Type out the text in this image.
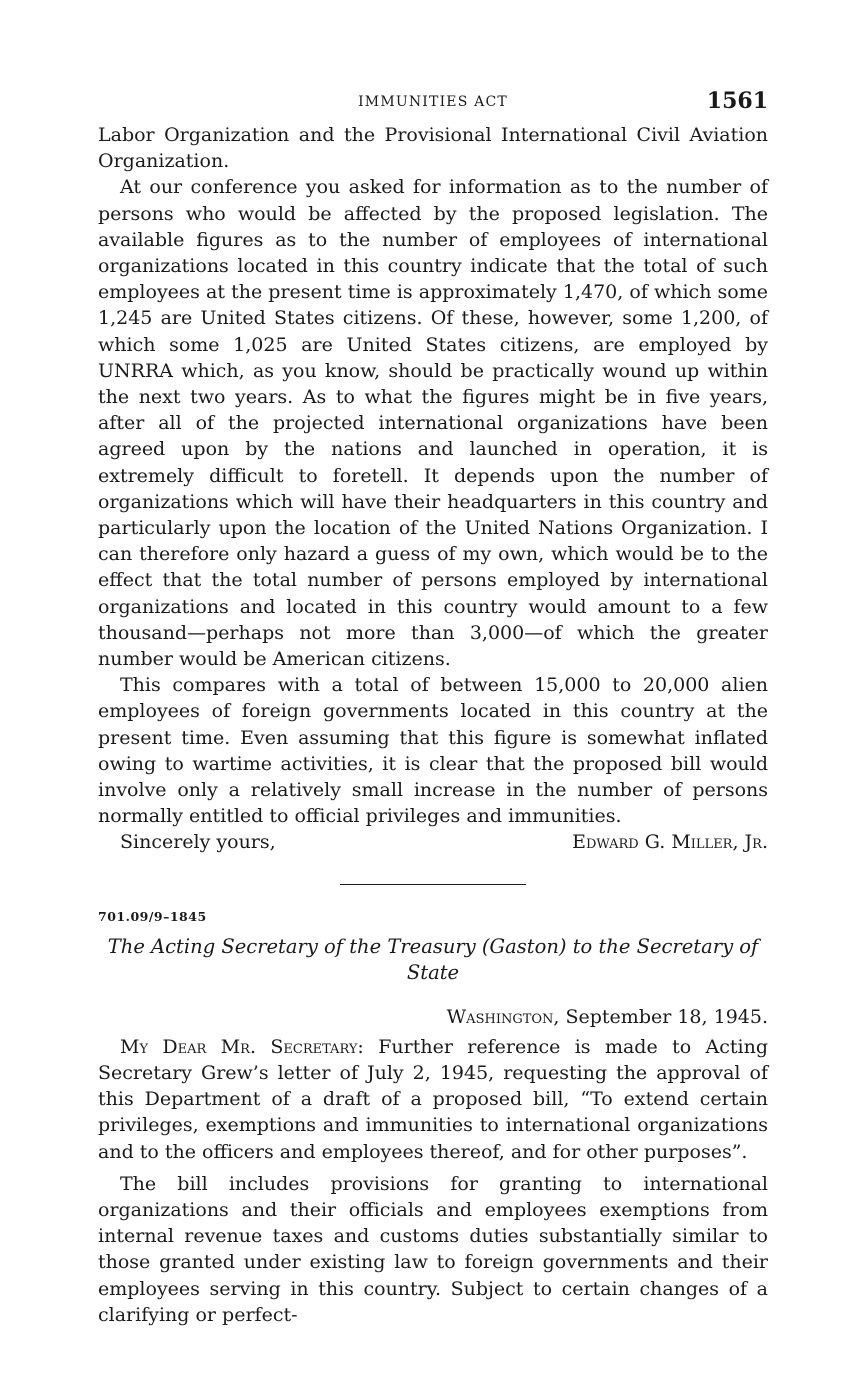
IMMUNITIES ACT	1561

Labor Organization and the Provisional International Civil Aviation Organization.

At our conference you asked for information as to the number of persons who would be affected by the proposed legislation. The available figures as to the number of employees of international organizations located in this country indicate that the total of such employees at the present time is approximately 1,470, of which some 1,245 are United States citizens. Of these, however, some 1,200, of which some 1,025 are United States citizens, are employed by UNRRA which, as you know, should be practically wound up within the next two years. As to what the figures might be in five years, after all of the projected international organizations have been agreed upon by the nations and launched in operation, it is extremely difficult to foretell. It depends upon the number of organizations which will have their headquarters in this country and particularly upon the location of the United Nations Organization. I can therefore only hazard a guess of my own, which would be to the effect that the total number of persons employed by international organizations and located in this country would amount to a few thousand—perhaps not more than 3,000—of which the greater number would be American citizens.

This compares with a total of between 15,000 to 20,000 alien employees of foreign governments located in this country at the present time. Even assuming that this figure is somewhat inflated owing to wartime activities, it is clear that the proposed bill would involve only a relatively small increase in the number of persons normally entitled to official privileges and immunities.

Sincerely yours,	Edward G. Miller, Jr.
701.09/9–1845

The Acting Secretary of the Treasury (Gaston) to the Secretary of State

Washington, September 18, 1945.

My Dear Mr. Secretary: Further reference is made to Acting Secretary Grew’s letter of July 2, 1945, requesting the approval of this Department of a draft of a proposed bill, “To extend certain privileges, exemptions and immunities to international organizations and to the officers and employees thereof, and for other purposes”.

The bill includes provisions for granting to international organizations and their officials and employees exemptions from internal revenue taxes and customs duties substantially similar to those granted under existing law to foreign governments and their employees serving in this country. Subject to certain changes of a clarifying or perfect-
